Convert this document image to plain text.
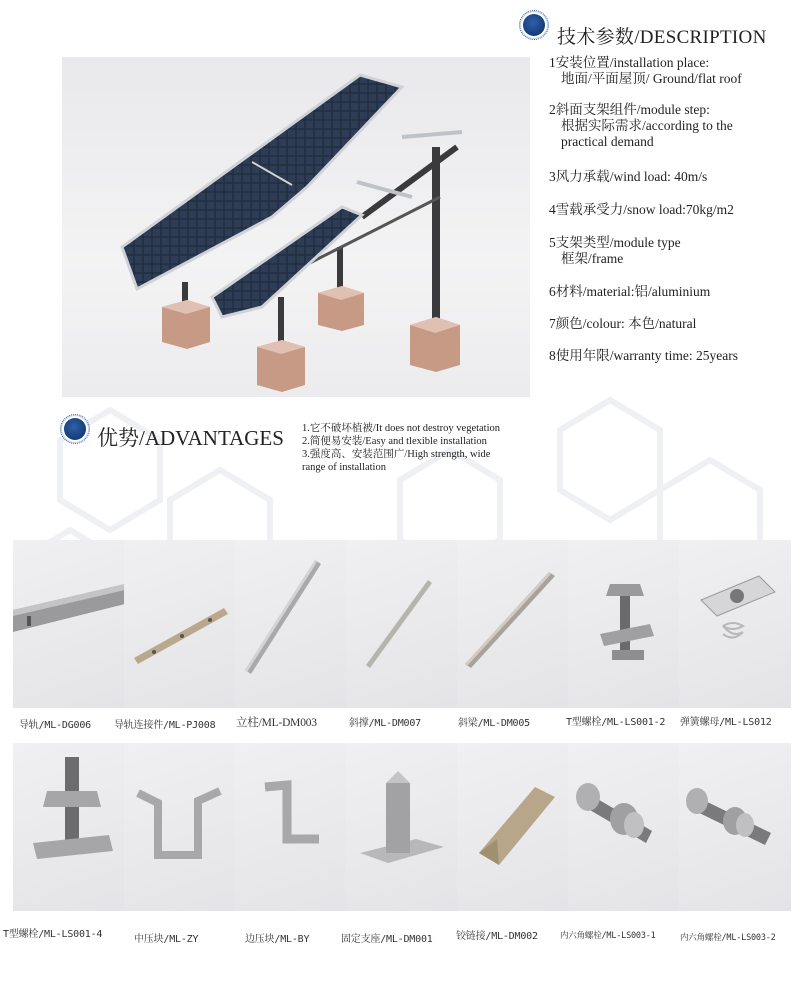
技术参数/DESCRIPTION
1安装位置/installation place:
地面/平面屋顶/ Ground/flat roof
2斜面支架组件/module step:
根据实际需求/according to the
practical demand
3风力承载/wind load: 40m/s
4雪载承受力/snow load:70kg/m2
5支架类型/module type
框架/frame
6材料/material:铝/aluminium
7颜色/colour: 本色/natural
8使用年限/warranty time: 25years
优势/ADVANTAGES 1.它不破坏植被/It does not destroy vegetation
2.简便易安装/Easy and tlexible installation
3.强度高、安装范围广/High strength, wide
range of installation
导轨/ML-DG006 导轨连接件/ML-PJ008 立柱/ML-DM003	斜撑/ML-DM007	斜梁/ML-DM005	T型螺栓/ML-LS001-2 弹簧螺母/ML-LS012
T型螺栓/ML-LS001-4	中压块/ML-ZY	边压块/ML-BY	固定支座/ML-DM001 铰链接/ML-DM002	内六角螺栓/ML-LS003-1	内六角螺栓/ML-LS003-2
